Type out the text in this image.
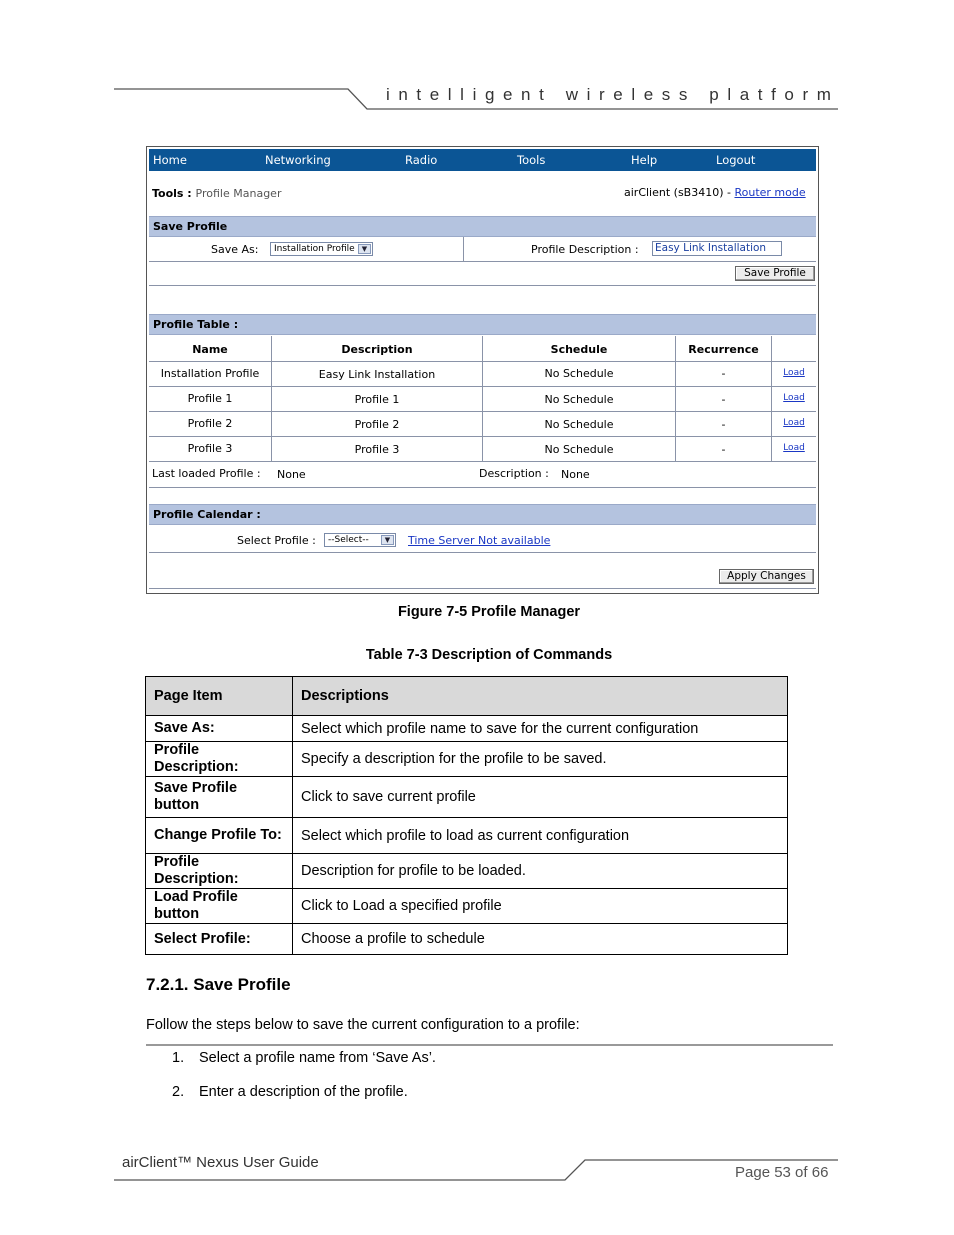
intelligent wireless platform
Home	Networking	Radio	Tools	Help	Logout
Tools : Profile Manager	airClient (sB3410) - Router mode
Save Profile
Save As:	Installation Profile	▼	Profile Description : Easy Link Installation
Save Profile
Profile Table :
Name	Description	Schedule	Recurrence
Installation Profile	Easy Link Installation	No Schedule	-	Load
Profile 1	Profile 1	No Schedule	-	Load
Profile 2	Profile 2	No Schedule	-	Load
Profile 3	Profile 3	No Schedule	-	Load
Last loaded Profile : None	Description : None
Profile Calendar :
Select Profile :	--Select--	▼	Time Server Not available
Apply Changes
Figure 7-5 Profile Manager
Table 7-3 Description of Commands
Page Item	Descriptions
Save As:	Select which profile name to save for the current configuration
Profile Description:	Specify a description for the profile to be saved.
Save Profile button	Click to save current profile
Change Profile To:	Select which profile to load as current configuration
Profile Description:	Description for profile to be loaded.
Load Profile button	Click to Load a specified profile
Select Profile:	Choose a profile to schedule
7.2.1. Save Profile
Follow the steps below to save the current configuration to a profile:
1. Select a profile name from ‘Save As’.
2. Enter a description of the profile.
airClient™ Nexus User Guide
Page 53 of 66
